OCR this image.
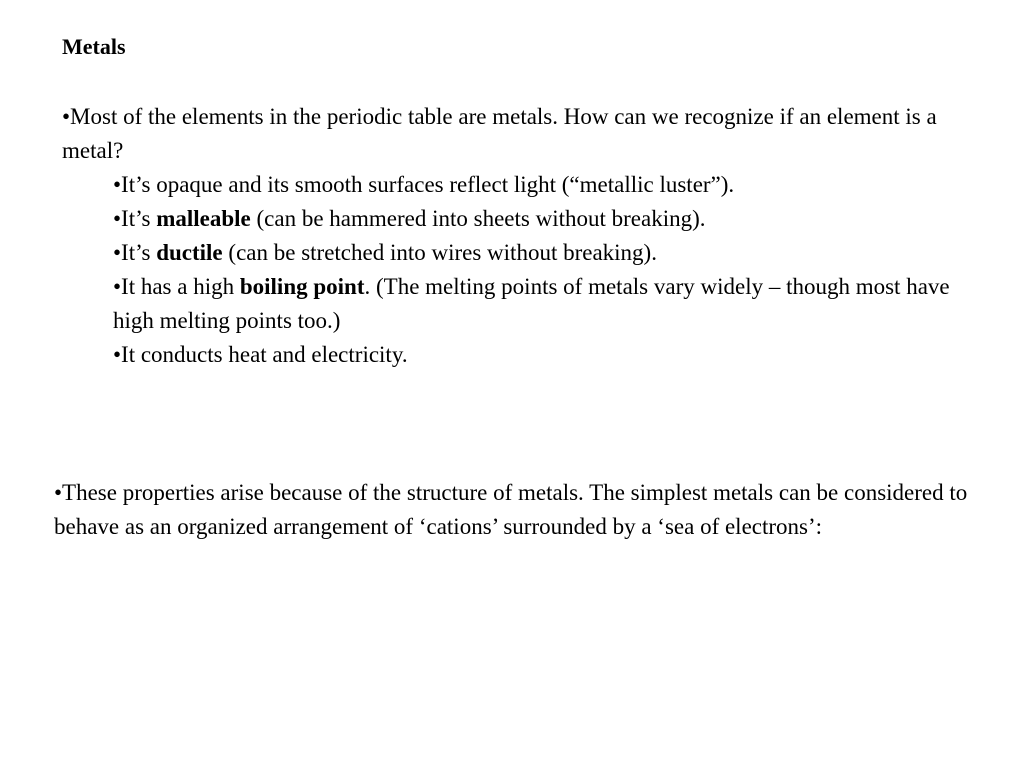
Metals

•Most of the elements in the periodic table are metals. How can we recognize if an element is a metal?

•It’s opaque and its smooth surfaces reflect light (“metallic luster”).
•It’s malleable (can be hammered into sheets without breaking).
•It’s ductile (can be stretched into wires without breaking).
•It has a high boiling point. (The melting points of metals vary widely – though most have high melting points too.)
•It conducts heat and electricity.

•These properties arise because of the structure of metals. The simplest metals can be considered to behave as an organized arrangement of ‘cations’ surrounded by a ‘sea of electrons’:
